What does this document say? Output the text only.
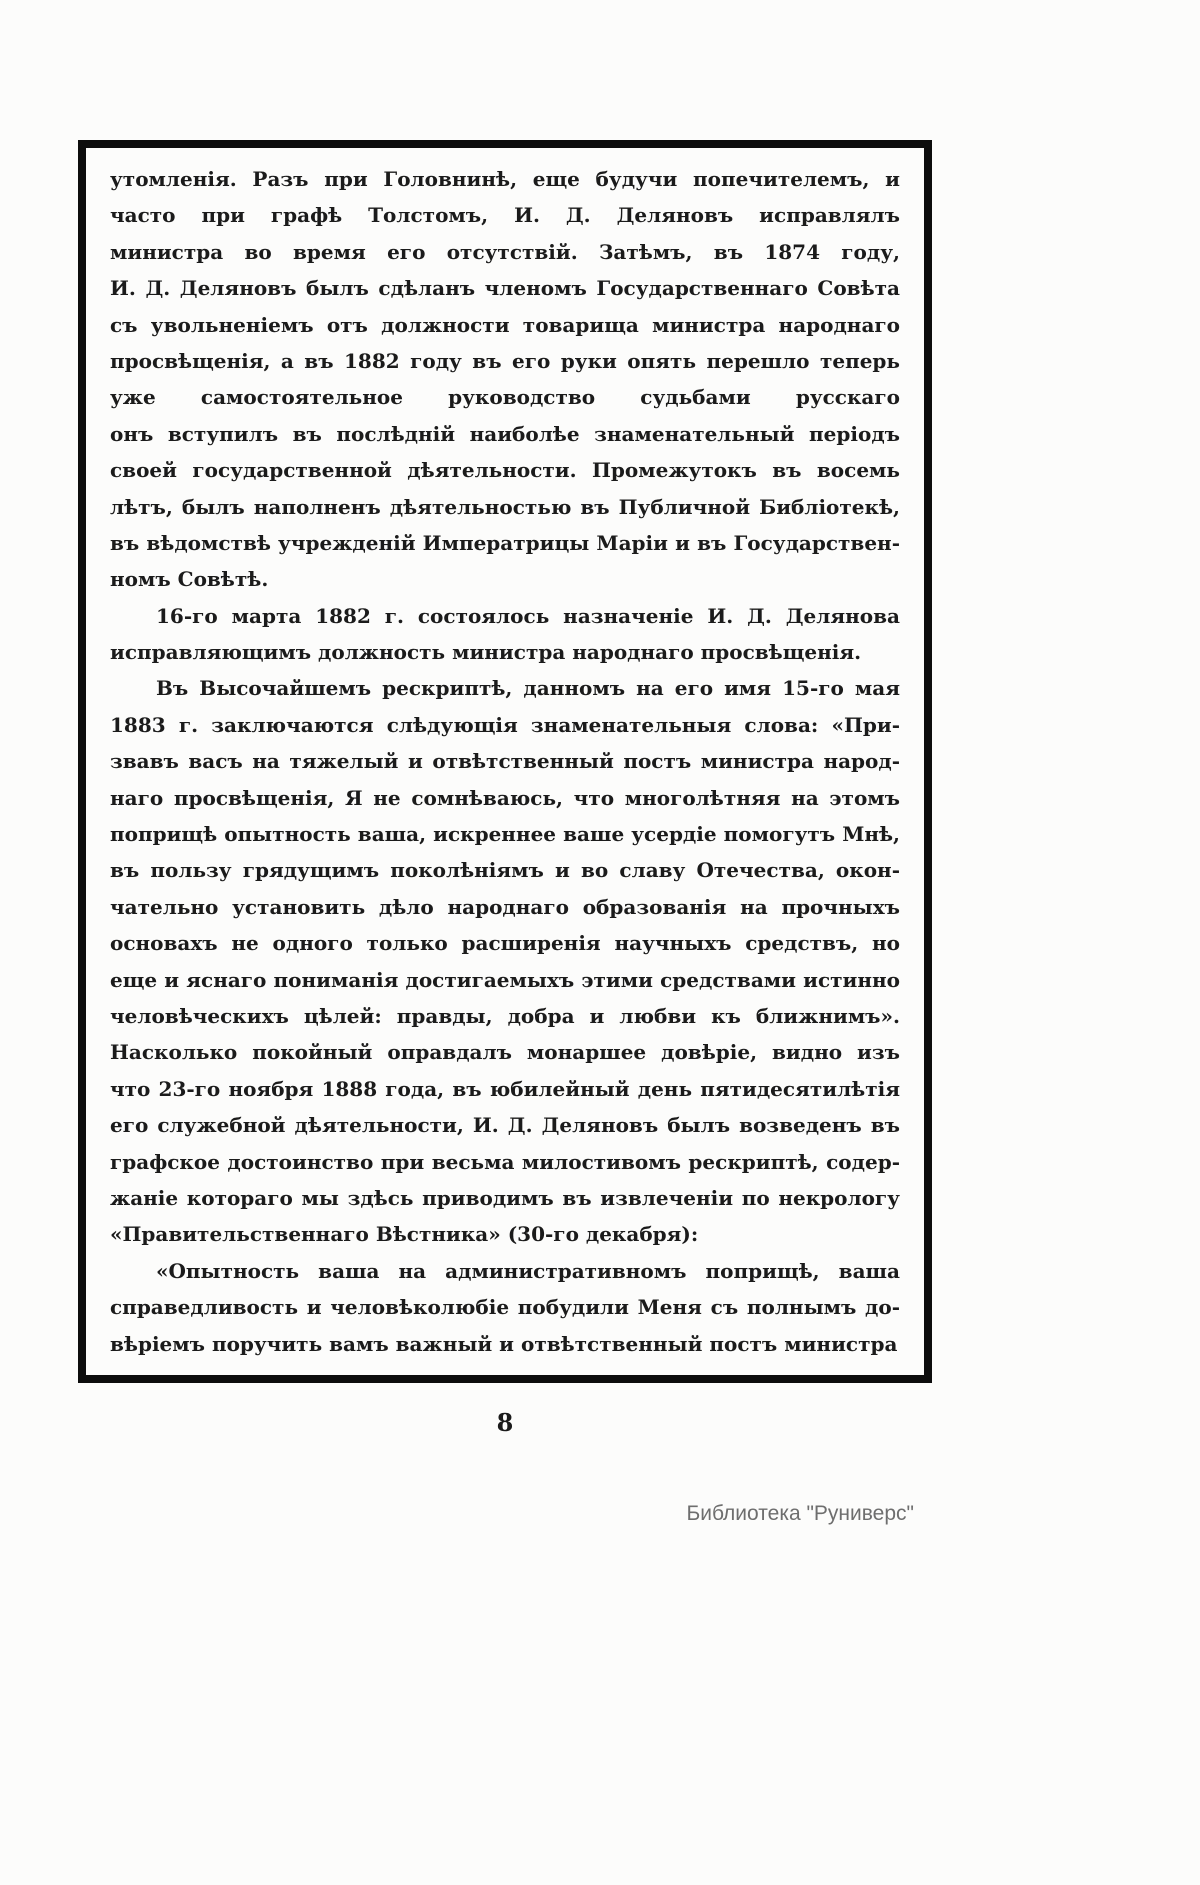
утомленія. Разъ при Головнинѣ, еще будучи попечителемъ, и
часто при графѣ Толстомъ, И. Д. Деляновъ исправлялъ
министра во время его отсутствій. Затѣмъ, въ 1874 году,
И. Д. Деляновъ былъ сдѣланъ членомъ Государственнаго Совѣта
съ увольненіемъ отъ должности товарища министра народнаго
просвѣщенія, а въ 1882 году въ его руки опять перешло теперь
уже самостоятельное руководство судьбами русскаго
онъ вступилъ въ послѣдній наиболѣе знаменательный періодъ
своей государственной дѣятельности. Промежутокъ въ восемь
лѣтъ, былъ наполненъ дѣятельностью въ Публичной Библіотекѣ,
въ вѣдомствѣ учрежденій Императрицы Маріи и въ Государствен-
номъ Совѣтѣ.
16-го марта 1882 г. состоялось назначеніе И. Д. Делянова
исправляющимъ должность министра народнаго просвѣщенія.
Въ Высочайшемъ рескриптѣ, данномъ на его имя 15-го мая
1883 г. заключаются слѣдующія знаменательныя слова: «При-
звавъ васъ на тяжелый и отвѣтственный постъ министра народ-
наго просвѣщенія, Я не сомнѣваюсь, что многолѣтняя на этомъ
поприщѣ опытность ваша, искреннее ваше усердіе помогутъ Мнѣ,
въ пользу грядущимъ поколѣніямъ и во славу Отечества, окон-
чательно установить дѣло народнаго образованія на прочныхъ
основахъ не одного только расширенія научныхъ средствъ, но
еще и яснаго пониманія достигаемыхъ этими средствами истинно
человѣческихъ цѣлей: правды, добра и любви къ ближнимъ».
Насколько покойный оправдалъ монаршее довѣріе, видно изъ
что 23-го ноября 1888 года, въ юбилейный день пятидесятилѣтія
его служебной дѣятельности, И. Д. Деляновъ былъ возведенъ въ
графское достоинство при весьма милостивомъ рескриптѣ, содер-
жаніе котораго мы здѣсь приводимъ въ извлеченіи по некрологу
«Правительственнаго Вѣстника» (30-го декабря):
«Опытность ваша на административномъ поприщѣ, ваша
справедливость и человѣколюбіе побудили Меня съ полнымъ до-
вѣріемъ поручить вамъ важный и отвѣтственный постъ министра
8
Библиотека "Руниверс"
